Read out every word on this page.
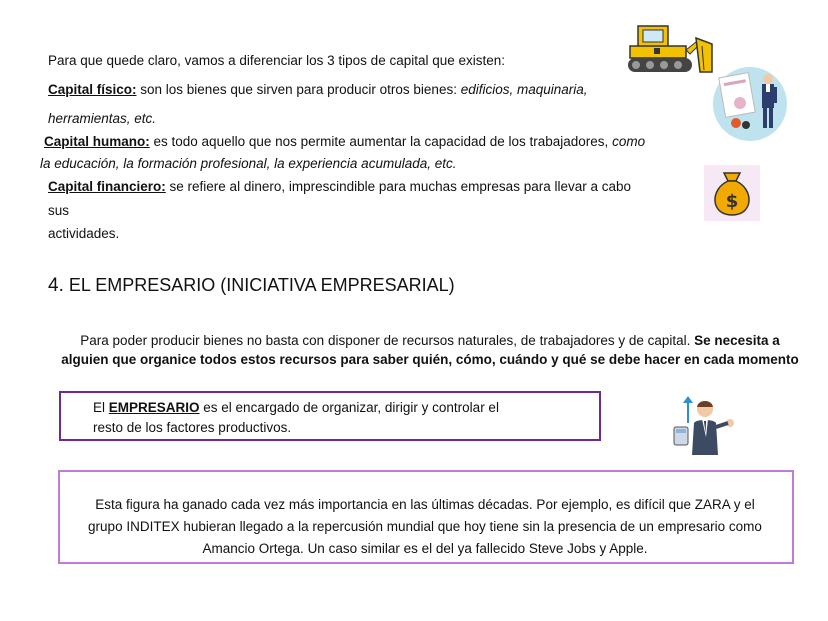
Para que quede claro, vamos a diferenciar los 3 tipos de capital que existen:
Capital físico: son los bienes que sirven para producir otros bienes: edificios, maquinaria,
herramientas, etc.
Capital humano: es todo aquello que nos permite aumentar la capacidad de los trabajadores, como
la educación, la formación profesional, la experiencia acumulada, etc.
Capital financiero: se refiere al dinero, imprescindible para muchas empresas para llevar a cabo
sus
actividades.
4. EL EMPRESARIO (INICIATIVA EMPRESARIAL)
Para poder producir bienes no basta con disponer de recursos naturales, de trabajadores y de capital. Se necesita a alguien que organice todos estos recursos para saber quién, cómo, cuándo y qué se debe hacer en cada momento
El EMPRESARIO es el encargado de organizar, dirigir y controlar el
resto de los factores productivos.
Esta figura ha ganado cada vez más importancia en las últimas décadas. Por ejemplo, es difícil que ZARA y el grupo INDITEX hubieran llegado a la repercusión mundial que hoy tiene sin la presencia de un empresario como Amancio Ortega. Un caso similar es el del ya fallecido Steve Jobs y Apple.
$
